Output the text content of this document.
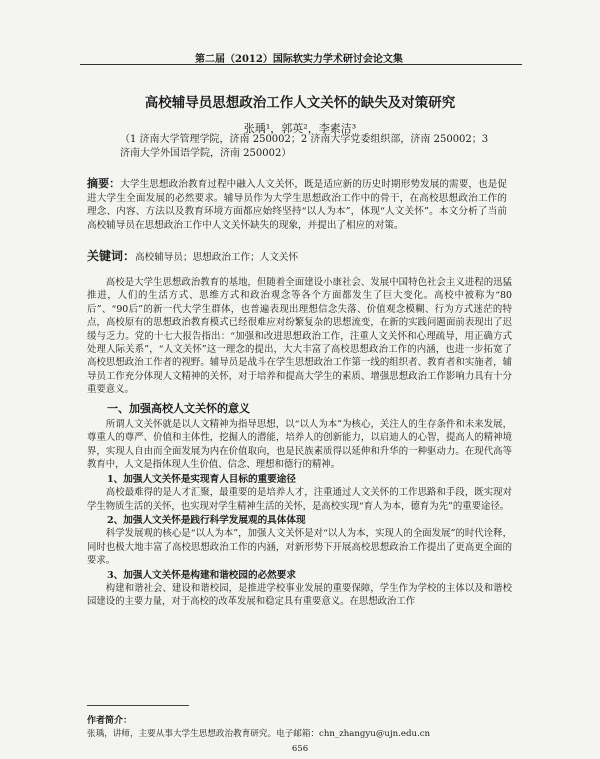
第二届（2012）国际软实力学术研讨会论文集
高校辅导员思想政治工作人文关怀的缺失及对策研究
张瑀¹，郭英²，李素洁³
（1 济南大学管理学院，济南 250002；2 济南大学党委组织部，济南 250002；3 济南大学外国语学院，济南 250002）
摘要：大学生思想政治教育过程中融入人文关怀，既是适应新的历史时期形势发展的需要，也是促进大学生全面发展的必然要求。辅导员作为大学生思想政治工作中的骨干，在高校思想政治工作的理念、内容、方法以及教育环境方面都应始终坚持“以人为本”，体现“人文关怀”。本文分析了当前高校辅导员在思想政治工作中人文关怀缺失的现象，并提出了相应的对策。
关键词：高校辅导员；思想政治工作；人文关怀

高校是大学生思想政治教育的基地，但随着全面建设小康社会、发展中国特色社会主义进程的迅猛推进，人们的生活方式、思维方式和政治观念等各个方面都发生了巨大变化。高校中被称为“80后”、“90后”的新一代大学生群体，也普遍表现出理想信念失落、价值观念模糊、行为方式迷茫的特点，高校原有的思想政治教育模式已经很难应对纷繁复杂的思想流变，在新的实践问题面前表现出了迟缓与乏力。党的十七大报告指出：“加强和改进思想政治工作，注重人文关怀和心理疏导，用正确方式处理人际关系”，“人文关怀”这一理念的提出，大大丰富了高校思想政治工作的内涵，也进一步拓宽了高校思想政治工作者的视野。辅导员是战斗在学生思想政治工作第一线的组织者、教育者和实施者，辅导员工作充分体现人文精神的关怀，对于培养和提高大学生的素质、增强思想政治工作影响力具有十分重要意义。

一、加强高校人文关怀的意义

所谓人文关怀就是以人文精神为指导思想，以“以人为本”为核心，关注人的生存条件和未来发展，尊重人的尊严、价值和主体性，挖掘人的潜能，培养人的创新能力，以启迪人的心智，提高人的精神境界，实现人自由而全面发展为内在价值取向，也是民族素质得以延伸和升华的一种驱动力。在现代高等教育中，人文是指体现人生价值、信念、理想和德行的精神。

1、加强人文关怀是实现育人目标的重要途径

高校最难得的是人才汇聚，最重要的是培养人才，注重通过人文关怀的工作思路和手段，既实现对学生物质生活的关怀，也实现对学生精神生活的关怀，是高校实现“育人为本，德育为先”的重要途径。

2、加强人文关怀是践行科学发展观的具体体现

科学发展观的核心是“以人为本”，加强人文关怀是对“以人为本，实现人的全面发展”的时代诠释，同时也极大地丰富了高校思想政治工作的内涵，对新形势下开展高校思想政治工作提出了更高更全面的要求。

3、加强人文关怀是构建和谐校园的必然要求

构建和谐社会、建设和谐校园，是推进学校事业发展的重要保障，学生作为学校的主体以及和谐校园建设的主要力量，对于高校的改革发展和稳定具有重要意义。在思想政治工作

作者简介：
张瑀，讲师，主要从事大学生思想政治教育研究。电子邮箱：chn_zhangyu@ujn.edu.cn
656
